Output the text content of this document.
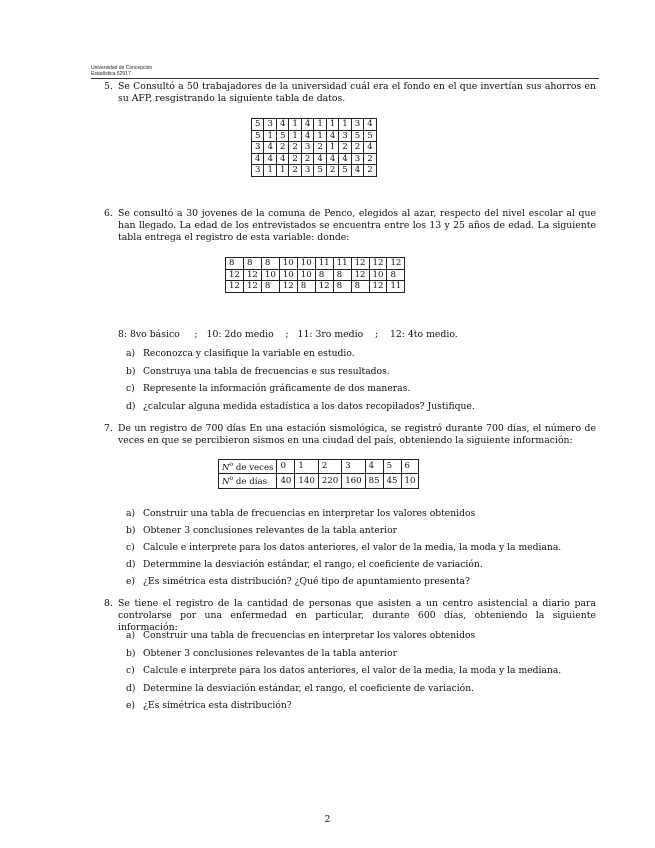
Universidad de Concepción
Estadística 52917
5. Se Consultó a 50 trabajadores de la universidad cuál era el fondo en el que invertían sus ahorros en su AFP, resgistrando la siguiente tabla de datos.
5	3	4	1	4	1	1	1	3	4
5	1	5	1	4	1	4	3	5	5
3	4	2	2	3	2	1	2	2	4
4	4	4	2	2	4	4	4	3	2
3	1	1	2	3	5	2	5	4	2
6. Se consultó a 30 jovenes de la comuna de Penco, elegidos al azar, respecto del nivel escolar al que han llegado. La edad de los entrevistados se encuentra entre los 13 y 25 años de edad. La siguiente tabla entrega el registro de esta variable: donde:
8	8	8	10	10	11	11	12	12	12
12	12	10	10	10	8	8	12	10	8
12	12	8	12	8	12	8	8	12	11
8: 8vo básico     ;   10: 2do medio    ;   11: 3ro medio    ;    12: 4to medio.
a) Reconozca y clasifique la variable en estudio.
b) Construya una tabla de frecuencias e sus resultados.
c) Represente la información gráficamente de dos maneras.
d) ¿calcular alguna medida estadística a los datos recopilados? Justifique.
7. De un registro de 700 días En una estación sismológica, se registró durante 700 días, el número de veces en que se percibieron sismos en una ciudad del país, obteniendo la siguiente información:
$N^o$ de veces	0	1	2	3	4	5	6
$N^o$ de días	40	140	220	160	85	45	10
a) Construir una tabla de frecuencias en interpretar los valores obtenidos
b) Obtener 3 conclusiones relevantes de la tabla anterior
c) Calcule e interprete para los datos anteriores, el valor de la media, la moda y la mediana.
d) Determmine la desviación estándar, el rango, el coeficiente de variación.
e) ¿Es simétrica esta distribución? ¿Qué tipo de apuntamiento presenta?
8. Se tiene el registro de la cantidad de personas que asisten a un centro asistencial a diario para controlarse por una enfermedad en particular, durante 600 días, obteniendo la siguiente información:
a) Construir una tabla de frecuencias en interpretar los valores obtenidos
b) Obtener 3 conclusiones relevantes de la tabla anterior
c) Calcule e interprete para los datos anteriores, el valor de la media, la moda y la mediana.
d) Determine la desviación estándar, el rango, el coeficiente de variación.
e) ¿Es simétrica esta distribución?
2
